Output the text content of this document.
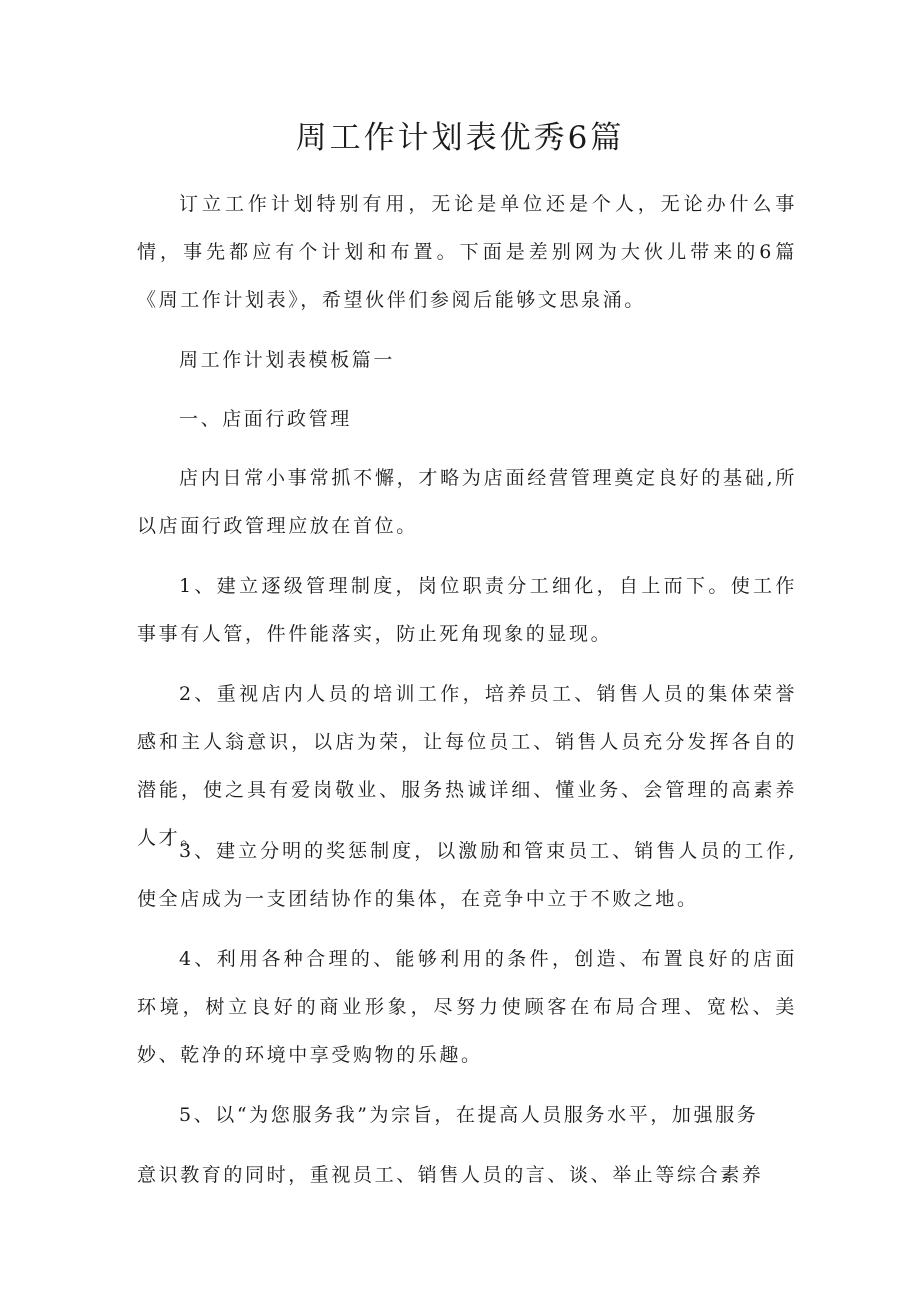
周工作计划表优秀6篇

订立工作计划特别有用，无论是单位还是个人，无论办什么事情，事先都应有个计划和布置。下面是差别网为大伙儿带来的6篇《周工作计划表》，希望伙伴们参阅后能够文思泉涌。

周工作计划表模板篇一

一、店面行政管理

店内日常小事常抓不懈，才略为店面经营管理奠定良好的基础,所以店面行政管理应放在首位。

1、建立逐级管理制度，岗位职责分工细化，自上而下。使工作事事有人管，件件能落实，防止死角现象的显现。

2、重视店内人员的培训工作，培养员工、销售人员的集体荣誉感和主人翁意识，以店为荣，让每位员工、销售人员充分发挥各自的潜能，使之具有爱岗敬业、服务热诚详细、懂业务、会管理的高素养人才。

3、建立分明的奖惩制度，以激励和管束员工、销售人员的工作,使全店成为一支团结协作的集体，在竞争中立于不败之地。

4、利用各种合理的、能够利用的条件，创造、布置良好的店面环境，树立良好的商业形象，尽努力使顾客在布局合理、宽松、美妙、乾净的环境中享受购物的乐趣。

5、以“为您服务我”为宗旨，在提高人员服务水平，加强服务

意识教育的同时，重视员工、销售人员的言、谈、举止等综合素养
